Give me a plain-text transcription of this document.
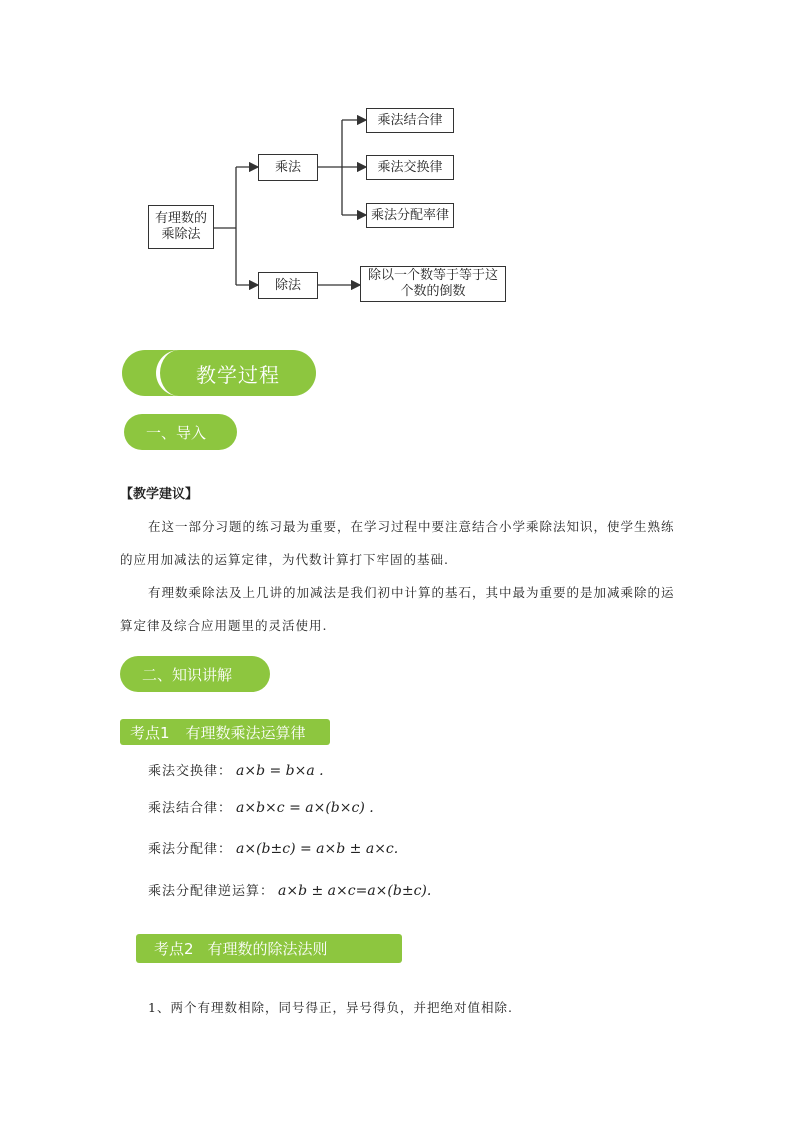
有理数的
乘除法
乘法
除法
乘法结合律
乘法交换律
乘法分配率律
除以一个数等于等于这
个数的倒数
教学过程
一、导入
【教学建议】
在这一部分习题的练习最为重要，在学习过程中要注意结合小学乘除法知识，使学生熟练的应用加减法的运算定律，为代数计算打下牢固的基础.
有理数乘除法及上几讲的加减法是我们初中计算的基石，其中最为重要的是加减乘除的运算定律及综合应用题里的灵活使用.
二、知识讲解
考点1 有理数乘法运算律
乘法交换律： a×b = b×a .
乘法结合律： a×b×c = a×(b×c) .
乘法分配律： a×(b±c) = a×b ± a×c.
乘法分配律逆运算： a×b ± a×c=a×(b±c).
考点2 有理数的除法法则
1、两个有理数相除，同号得正，异号得负，并把绝对值相除.
